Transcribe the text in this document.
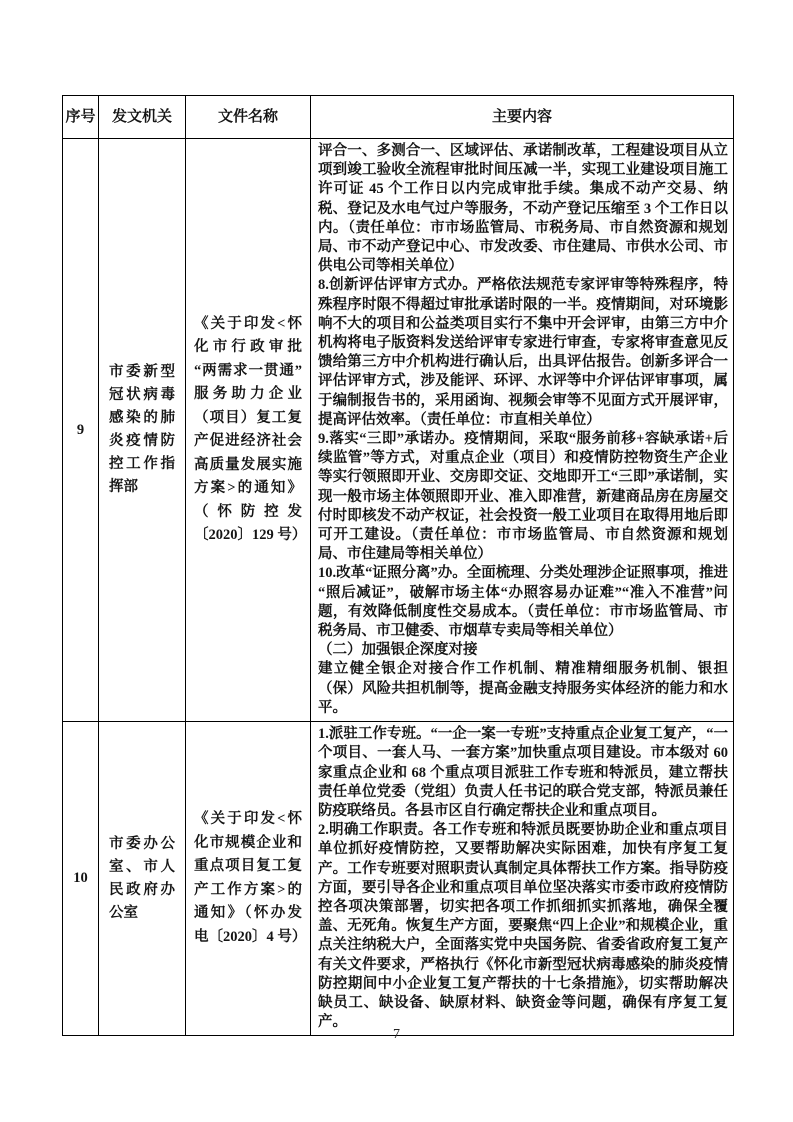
序号	发文机关	文件名称	主要内容
9	市委新型冠状病毒感染的肺炎疫情防控工作指挥部	《关于印发<怀化市行政审批“两需求一贯通”服务助力企业（项目）复工复产促进经济社会高质量发展实施方案>的通知》（怀防控发〔2020〕129 号）	

评合一、多测合一、区域评估、承诺制改革，工程建设项目从立项到竣工验收全流程审批时间压减一半，实现工业建设项目施工许可证 45 个工作日以内完成审批手续。集成不动产交易、纳税、登记及水电气过户等服务，不动产登记压缩至 3 个工作日以内。（责任单位：市市场监管局、市税务局、市自然资源和规划局、市不动产登记中心、市发改委、市住建局、市供水公司、市供电公司等相关单位）

8.创新评估评审方式办。严格依法规范专家评审等特殊程序，特殊程序时限不得超过审批承诺时限的一半。疫情期间，对环境影响不大的项目和公益类项目实行不集中开会评审，由第三方中介机构将电子版资料发送给评审专家进行审查，专家将审查意见反馈给第三方中介机构进行确认后，出具评估报告。创新多评合一评估评审方式，涉及能评、环评、水评等中介评估评审事项，属于编制报告书的，采用函询、视频会审等不见面方式开展评审，提高评估效率。（责任单位：市直相关单位）

9.落实“三即”承诺办。疫情期间，采取“服务前移+容缺承诺+后续监管”等方式，对重点企业（项目）和疫情防控物资生产企业等实行领照即开业、交房即交证、交地即开工“三即”承诺制，实现一般市场主体领照即开业、准入即准营，新建商品房在房屋交付时即核发不动产权证，社会投资一般工业项目在取得用地后即可开工建设。（责任单位：市市场监管局、市自然资源和规划局、市住建局等相关单位）

10.改革“证照分离”办。全面梳理、分类处理涉企证照事项，推进“照后减证”，破解市场主体“办照容易办证难”“准入不准营”问题，有效降低制度性交易成本。（责任单位：市市场监管局、市税务局、市卫健委、市烟草专卖局等相关单位）

（二）加强银企深度对接

建立健全银企对接合作工作机制、精准精细服务机制、银担（保）风险共担机制等，提高金融支持服务实体经济的能力和水平。

10	市委办公室、市人民政府办公室	《关于印发<怀化市规模企业和重点项目复工复产工作方案>的通知》（怀办发电〔2020〕4 号）	1.派驻工作专班。“一企一案一专班”支持重点企业复工复产，“一个项目、一套人马、一套方案”加快重点项目建设。市本级对 60 家重点企业和 68 个重点项目派驻工作专班和特派员，建立帮扶责任单位党委（党组）负责人任书记的联合党支部，特派员兼任防疫联络员。各县市区自行确定帮扶企业和重点项目。

2.明确工作职责。各工作专班和特派员既要协助企业和重点项目单位抓好疫情防控，又要帮助解决实际困难，加快有序复工复产。工作专班要对照职责认真制定具体帮扶工作方案。指导防疫方面，要引导各企业和重点项目单位坚决落实市委市政府疫情防控各项决策部署，切实把各项工作抓细抓实抓落地，确保全覆盖、无死角。恢复生产方面，要聚焦“四上企业”和规模企业，重点关注纳税大户，全面落实党中央国务院、省委省政府复工复产有关文件要求，严格执行《怀化市新型冠状病毒感染的肺炎疫情防控期间中小企业复工复产帮扶的十七条措施》，切实帮助解决缺员工、缺设备、缺原材料、缺资金等问题，确保有序复工复产。

7
